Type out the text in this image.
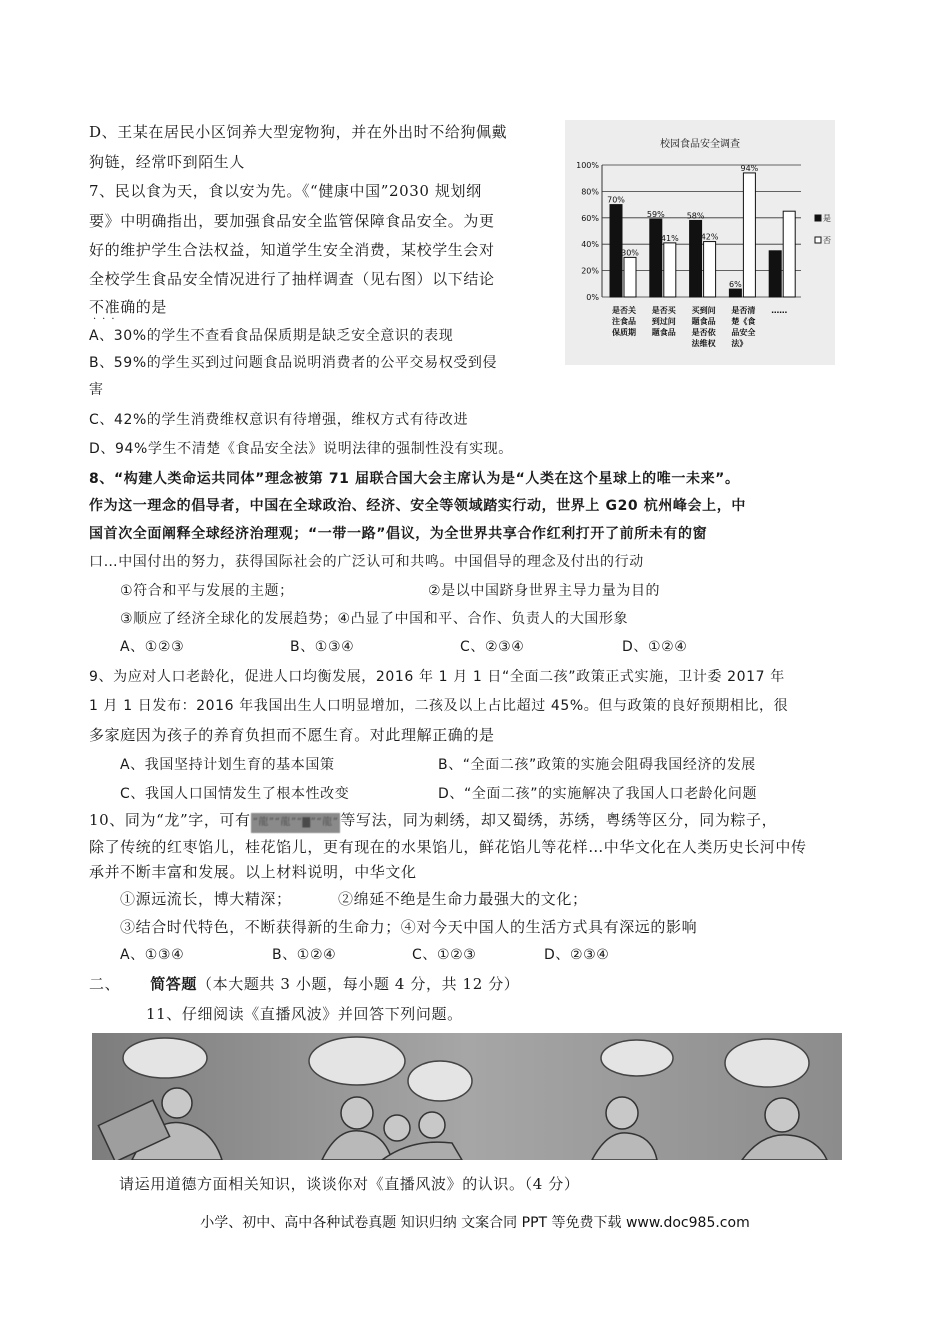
D、王某在居民小区饲养大型宠物狗，并在外出时不给狗佩戴
狗链，经常吓到陌生人
7、民以食为天，食以安为先。《“健康中国”2030 规划纲
要》中明确指出，要加强食品安全监管保障食品安全。为更
好的维护学生合法权益，知道学生安全消费，某校学生会对
全校学生食品安全情况进行了抽样调查（见右图）以下结论
不准确的是
···
A、30%的学生不查看食品保质期是缺乏安全意识的表现
B、59%的学生买到过问题食品说明消费者的公平交易权受到侵
害
C、42%的学生消费维权意识有待增强，维权方式有待改进
D、94%学生不清楚《食品安全法》说明法律的强制性没有实现。
校园食品安全调查
0%
20%
40%
60%
80%
100%
70%
30%
是否关
注食品
保质期
59%
41%
是否买
到过问
题食品
58%
42%
买到问
题食品
是否依
法维权
6%
94%
是否清
楚《食
品安全
法》
……
是
否
8、“构建人类命运共同体”理念被第 71 届联合国大会主席认为是“人类在这个星球上的唯一未来”。
作为这一理念的倡导者，中国在全球政治、经济、安全等领域踏实行动，世界上 G20 杭州峰会上，中
国首次全面阐释全球经济治理观；“一带一路”倡议，为全世界共享合作红利打开了前所未有的窗
口…中国付出的努力，获得国际社会的广泛认可和共鸣。中国倡导的理念及付出的行动
①符合和平与发展的主题；	②是以中国跻身世界主导力量为目的
③顺应了经济全球化的发展趋势；④凸显了中国和平、合作、负责人的大国形象
A、①②③	B、①③④	C、②③④	D、①②④
9、为应对人口老龄化，促进人口均衡发展，2016 年 1 月 1 日“全面二孩”政策正式实施，卫计委 2017 年
1 月 1 日发布：2016 年我国出生人口明显增加，二孩及以上占比超过 45%。但与政策的良好预期相比，很
多家庭因为孩子的养育负担而不愿生育。对此理解正确的是
A、我国坚持计划生育的基本国策	B、“全面二孩”政策的实施会阻碍我国经济的发展
C、我国人口国情发生了根本性改变	D、“全面二孩”的实施解决了我国人口老龄化问题
10、同为“龙”字，可有 “龍”“龍”“▇”“龍” 等写法，同为刺绣，却又蜀绣，苏绣，粤绣等区分，同为粽子，
除了传统的红枣馅儿，桂花馅儿，更有现在的水果馅儿，鲜花馅儿等花样…中华文化在人类历史长河中传
承并不断丰富和发展。以上材料说明，中华文化
①源远流长，博大精深；	②绵延不绝是生命力最强大的文化；
③结合时代特色，不断获得新的生命力；④对今天中国人的生活方式具有深远的影响
A、①③④	B、①②④	C、①②③	D、②③④
二、 简答题（本大题共 3 小题，每小题 4 分，共 12 分）
11、仔细阅读《直播风波》并回答下列问题。
请运用道德方面相关知识，谈谈你对《直播风波》的认识。（4 分）
小学、初中、高中各种试卷真题 知识归纳 文案合同 PPT 等免费下载 www.doc985.com
